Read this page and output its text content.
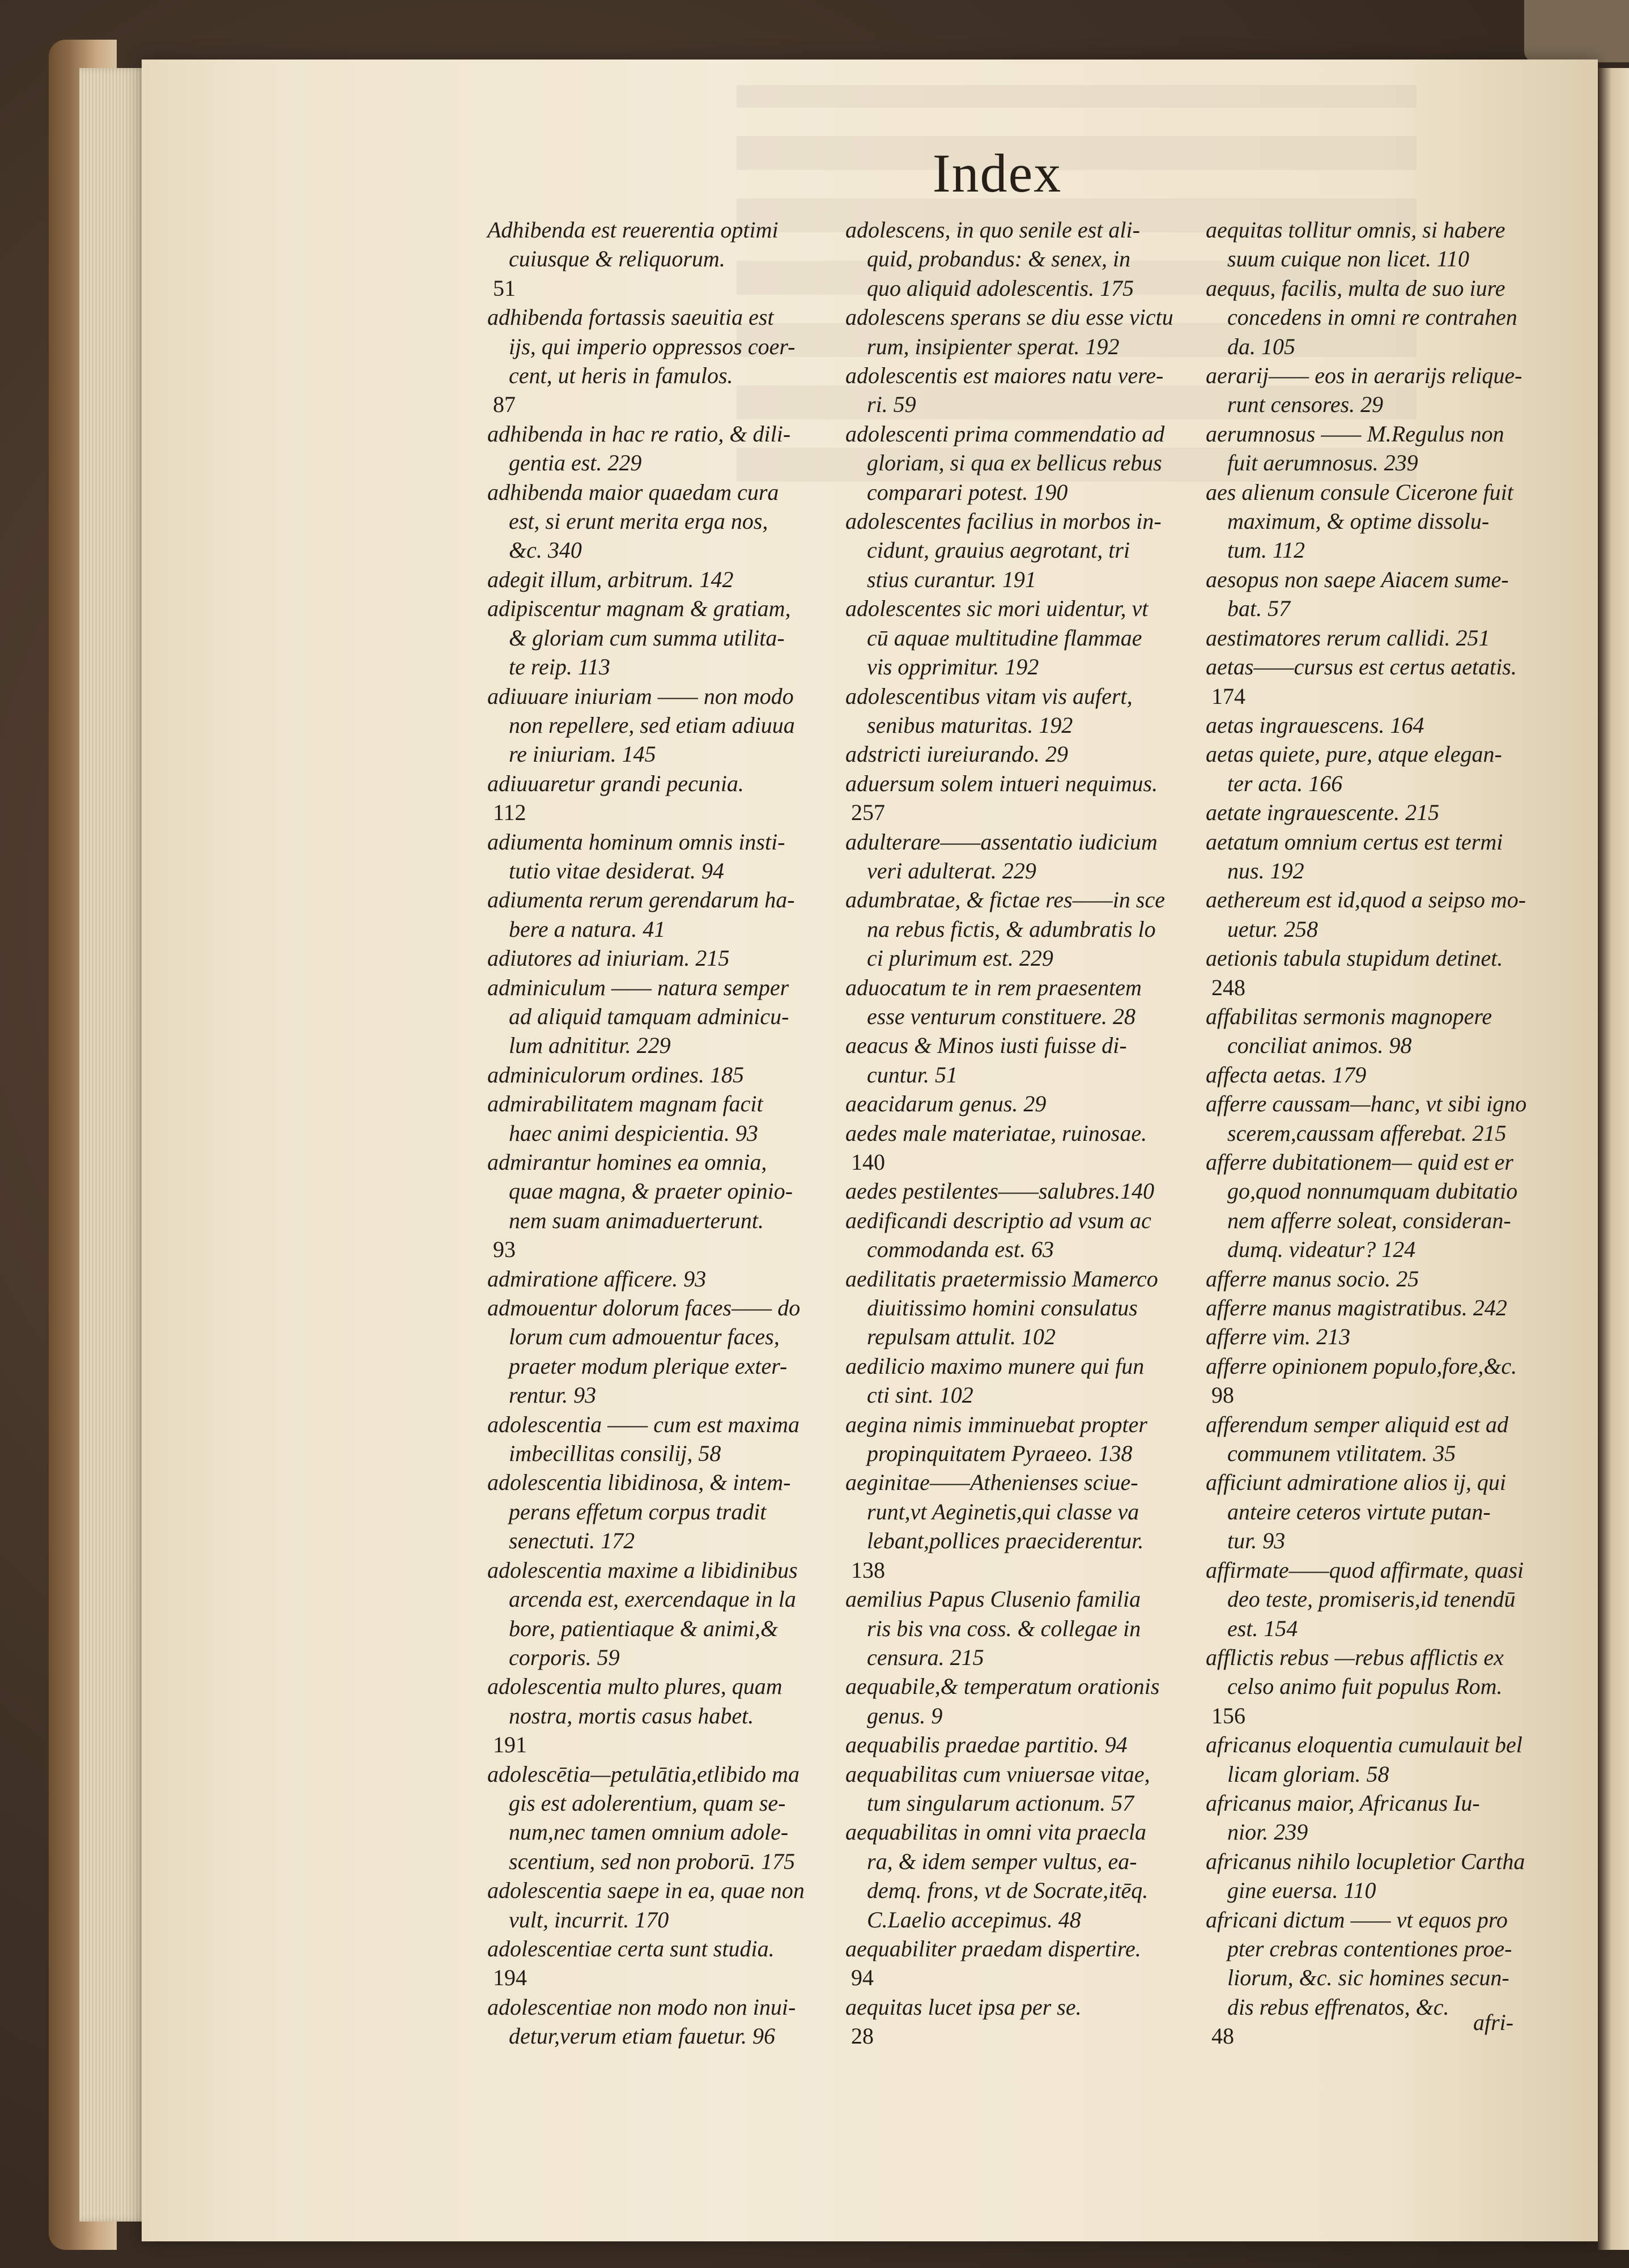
Index

Adhibenda est reuerentia optimi

cuiusque & reliquorum.

51

adhibenda fortassis saeuitia est

ijs, qui imperio oppressos coer-

cent, ut heris in famulos.

87

adhibenda in hac re ratio, & dili-

gentia est. 229

adhibenda maior quaedam cura

est, si erunt merita erga nos,

&c. 340

adegit illum, arbitrum. 142

adipiscentur magnam & gratiam,

& gloriam cum summa utilita-

te reip. 113

adiuuare iniuriam —— non modo

non repellere, sed etiam adiuua

re iniuriam. 145

adiuuaretur grandi pecunia.

112

adiumenta hominum omnis insti-

tutio vitae desiderat. 94

adiumenta rerum gerendarum ha-

bere a natura. 41

adiutores ad iniuriam. 215

adminiculum —— natura semper

ad aliquid tamquam adminicu-

lum adnititur. 229

adminiculorum ordines. 185

admirabilitatem magnam facit

haec animi despicientia. 93

admirantur homines ea omnia,

quae magna, & praeter opinio-

nem suam animaduerterunt.

93

admiratione afficere. 93

admouentur dolorum faces—— do

lorum cum admouentur faces,

praeter modum plerique exter-

rentur. 93

adolescentia —— cum est maxima

imbecillitas consilij, 58

adolescentia libidinosa, & intem-

perans effetum corpus tradit

senectuti. 172

adolescentia maxime a libidinibus

arcenda est, exercendaque in la

bore, patientiaque & animi,&

corporis. 59

adolescentia multo plures, quam

nostra, mortis casus habet.

191

adolescētia—petulātia,etlibido ma

gis est adolerentium, quam se-

num,nec tamen omnium adole-

scentium, sed non proborū. 175

adolescentia saepe in ea, quae non

vult, incurrit. 170

adolescentiae certa sunt studia.

194

adolescentiae non modo non inui-

detur,verum etiam fauetur. 96

adolescens, in quo senile est ali-

quid, probandus: & senex, in

quo aliquid adolescentis. 175

adolescens sperans se diu esse victu

rum, insipienter sperat. 192

adolescentis est maiores natu vere-

ri. 59

adolescenti prima commendatio ad

gloriam, si qua ex bellicus rebus

comparari potest. 190

adolescentes facilius in morbos in-

cidunt, grauius aegrotant, tri

stius curantur. 191

adolescentes sic mori uidentur, vt

cū aquae multitudine flammae

vis opprimitur. 192

adolescentibus vitam vis aufert,

senibus maturitas. 192

adstricti iureiurando. 29

aduersum solem intueri nequimus.

257

adulterare——assentatio iudicium

veri adulterat. 229

adumbratae, & fictae res——in sce

na rebus fictis, & adumbratis lo

ci plurimum est. 229

aduocatum te in rem praesentem

esse venturum constituere. 28

aeacus & Minos iusti fuisse di-

cuntur. 51

aeacidarum genus. 29

aedes male materiatae, ruinosae.

140

aedes pestilentes——salubres.140

aedificandi descriptio ad vsum ac

commodanda est. 63

aedilitatis praetermissio Mamerco

diuitissimo homini consulatus

repulsam attulit. 102

aedilicio maximo munere qui fun

cti sint. 102

aegina nimis imminuebat propter

propinquitatem Pyraeeo. 138

aeginitae——Athenienses sciue-

runt,vt Aeginetis,qui classe va

lebant,pollices praeciderentur.

138

aemilius Papus Clusenio familia

ris bis vna coss. & collegae in

censura. 215

aequabile,& temperatum orationis

genus. 9

aequabilis praedae partitio. 94

aequabilitas cum vniuersae vitae,

tum singularum actionum. 57

aequabilitas in omni vita praecla

ra, & idem semper vultus, ea-

demq. frons, vt de Socrate,itēq.

C.Laelio accepimus. 48

aequabiliter praedam dispertire.

94

aequitas lucet ipsa per se.

28

aequitas tollitur omnis, si habere

suum cuique non licet. 110

aequus, facilis, multa de suo iure

concedens in omni re contrahen

da. 105

aerarij—— eos in aerarijs relique-

runt censores. 29

aerumnosus —— M.Regulus non

fuit aerumnosus. 239

aes alienum consule Cicerone fuit

maximum, & optime dissolu-

tum. 112

aesopus non saepe Aiacem sume-

bat. 57

aestimatores rerum callidi. 251

aetas——cursus est certus aetatis.

174

aetas ingrauescens. 164

aetas quiete, pure, atque elegan-

ter acta. 166

aetate ingrauescente. 215

aetatum omnium certus est termi

nus. 192

aethereum est id,quod a seipso mo-

uetur. 258

aetionis tabula stupidum detinet.

248

affabilitas sermonis magnopere

conciliat animos. 98

affecta aetas. 179

afferre caussam—hanc, vt sibi igno

scerem,caussam afferebat. 215

afferre dubitationem— quid est er

go,quod nonnumquam dubitatio

nem afferre soleat, consideran-

dumq. videatur? 124

afferre manus socio. 25

afferre manus magistratibus. 242

afferre vim. 213

afferre opinionem populo,fore,&c.

98

afferendum semper aliquid est ad

communem vtilitatem. 35

afficiunt admiratione alios ij, qui

anteire ceteros virtute putan-

tur. 93

affirmate——quod affirmate, quasi

deo teste, promiseris,id tenendū

est. 154

afflictis rebus —rebus afflictis ex

celso animo fuit populus Rom.

156

africanus eloquentia cumulauit bel

licam gloriam. 58

africanus maior, Africanus Iu-

nior. 239

africanus nihilo locupletior Cartha

gine euersa. 110

africani dictum —— vt equos pro

pter crebras contentiones proe-

liorum, &c. sic homines secun-

dis rebus effrenatos, &c.

48

afri-
